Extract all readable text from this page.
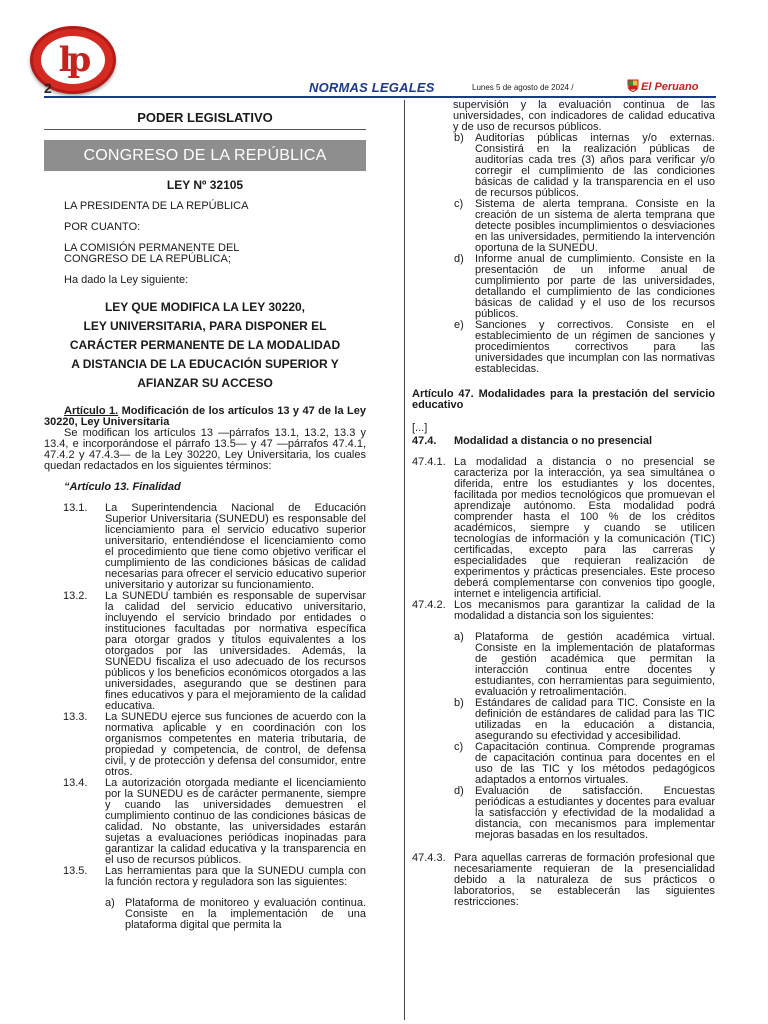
lp
2	NORMAS LEGALES	Lunes 5 de agosto de 2024 /	El Peruano
PODER LEGISLATIVO
CONGRESO DE LA REPÚBLICA
LEY Nº 32105

LA PRESIDENTA DE LA REPÚBLICA

POR CUANTO:

LA COMISIÓN PERMANENTE DEL

CONGRESO DE LA REPÚBLICA;

Ha dado la Ley siguiente:

LEY QUE MODIFICA LA LEY 30220,
LEY UNIVERSITARIA, PARA DISPONER EL
CARÁCTER PERMANENTE DE LA MODALIDAD
A DISTANCIA DE LA EDUCACIÓN SUPERIOR Y
AFIANZAR SU ACCESO

Artículo 1. Modificación de los artículos 13 y 47 de la Ley 30220, Ley Universitaria

Se modifican los artículos 13 —párrafos 13.1, 13.2, 13.3 y 13.4, e incorporándose el párrafo 13.5— y 47 —párrafos 47.4.1, 47.4.2 y 47.4.3— de la Ley 30220, Ley Universitaria, los cuales quedan redactados en los siguientes términos:

“Artículo 13. Finalidad

13.1.	La Superintendencia Nacional de Educación Superior Universitaria (SUNEDU) es responsable del licenciamiento para el servicio educativo superior universitario, entendiéndose el licenciamiento como el procedimiento que tiene como objetivo verificar el cumplimiento de las condiciones básicas de calidad necesarias para ofrecer el servicio educativo superior universitario y autorizar su funcionamiento.
13.2.	La SUNEDU también es responsable de supervisar la calidad del servicio educativo universitario, incluyendo el servicio brindado por entidades o instituciones facultadas por normativa específica para otorgar grados y títulos equivalentes a los otorgados por las universidades. Además, la SUNEDU fiscaliza el uso adecuado de los recursos públicos y los beneficios económicos otorgados a las universidades, asegurando que se destinen para fines educativos y para el mejoramiento de la calidad educativa.
13.3.	La SUNEDU ejerce sus funciones de acuerdo con la normativa aplicable y en coordinación con los organismos competentes en materia tributaria, de propiedad y competencia, de control, de defensa civil, y de protección y defensa del consumidor, entre otros.
13.4.	La autorización otorgada mediante el licenciamiento por la SUNEDU es de carácter permanente, siempre y cuando las universidades demuestren el cumplimiento continuo de las condiciones básicas de calidad. No obstante, las universidades estarán sujetas a evaluaciones periódicas inopinadas para garantizar la calidad educativa y la transparencia en el uso de recursos públicos.
13.5.	Las herramientas para que la SUNEDU cumpla con la función rectora y reguladora son las siguientes:
a) Plataforma de monitoreo y evaluación continua. Consiste en la implementación de una plataforma digital que permita la
supervisión y la evaluación continua de las universidades, con indicadores de calidad educativa y de uso de recursos públicos.
b)	Auditorías públicas internas y/o externas. Consistirá en la realización públicas de auditorías cada tres (3) años para verificar y/o corregir el cumplimiento de las condiciones básicas de calidad y la transparencia en el uso de recursos públicos.
c)	Sistema de alerta temprana. Consiste en la creación de un sistema de alerta temprana que detecte posibles incumplimientos o desviaciones en las universidades, permitiendo la intervención oportuna de la SUNEDU.
d)	Informe anual de cumplimiento. Consiste en la presentación de un informe anual de cumplimiento por parte de las universidades, detallando el cumplimiento de las condiciones básicas de calidad y el uso de los recursos públicos.
e)	Sanciones y correctivos. Consiste en el establecimiento de un régimen de sanciones y procedimientos correctivos para las universidades que incumplan con las normativas establecidas.

Artículo 47. Modalidades para la prestación del servicio educativo

[...]

47.4.	Modalidad a distancia o no presencial
47.4.1. La modalidad a distancia o no presencial se caracteriza por la interacción, ya sea simultánea o diferida, entre los estudiantes y los docentes, facilitada por medios tecnológicos que promuevan el aprendizaje autónomo. Esta modalidad podrá comprender hasta el 100 % de los créditos académicos, siempre y cuando se utilicen tecnologías de información y la comunicación (TIC) certificadas, excepto para las carreras y especialidades que requieran realización de experimentos y prácticas presenciales. Este proceso deberá complementarse con convenios tipo google, internet e inteligencia artificial.
47.4.2. Los mecanismos para garantizar la calidad de la modalidad a distancia son los siguientes:
a)	Plataforma de gestión académica virtual. Consiste en la implementación de plataformas de gestión académica que permitan la interacción continua entre docentes y estudiantes, con herramientas para seguimiento, evaluación y retroalimentación.
b)	Estándares de calidad para TIC. Consiste en la definición de estándares de calidad para las TIC utilizadas en la educación a distancia, asegurando su efectividad y accesibilidad.
c)	Capacitación continua. Comprende programas de capacitación continua para docentes en el uso de las TIC y los métodos pedagógicos adaptados a entornos virtuales.
d)	Evaluación de satisfacción. Encuestas periódicas a estudiantes y docentes para evaluar la satisfacción y efectividad de la modalidad a distancia, con mecanismos para implementar mejoras basadas en los resultados.
47.4.3. Para aquellas carreras de formación profesional que necesariamente requieran de la presencialidad debido a la naturaleza de sus prácticos o laboratorios, se establecerán las siguientes restricciones:
